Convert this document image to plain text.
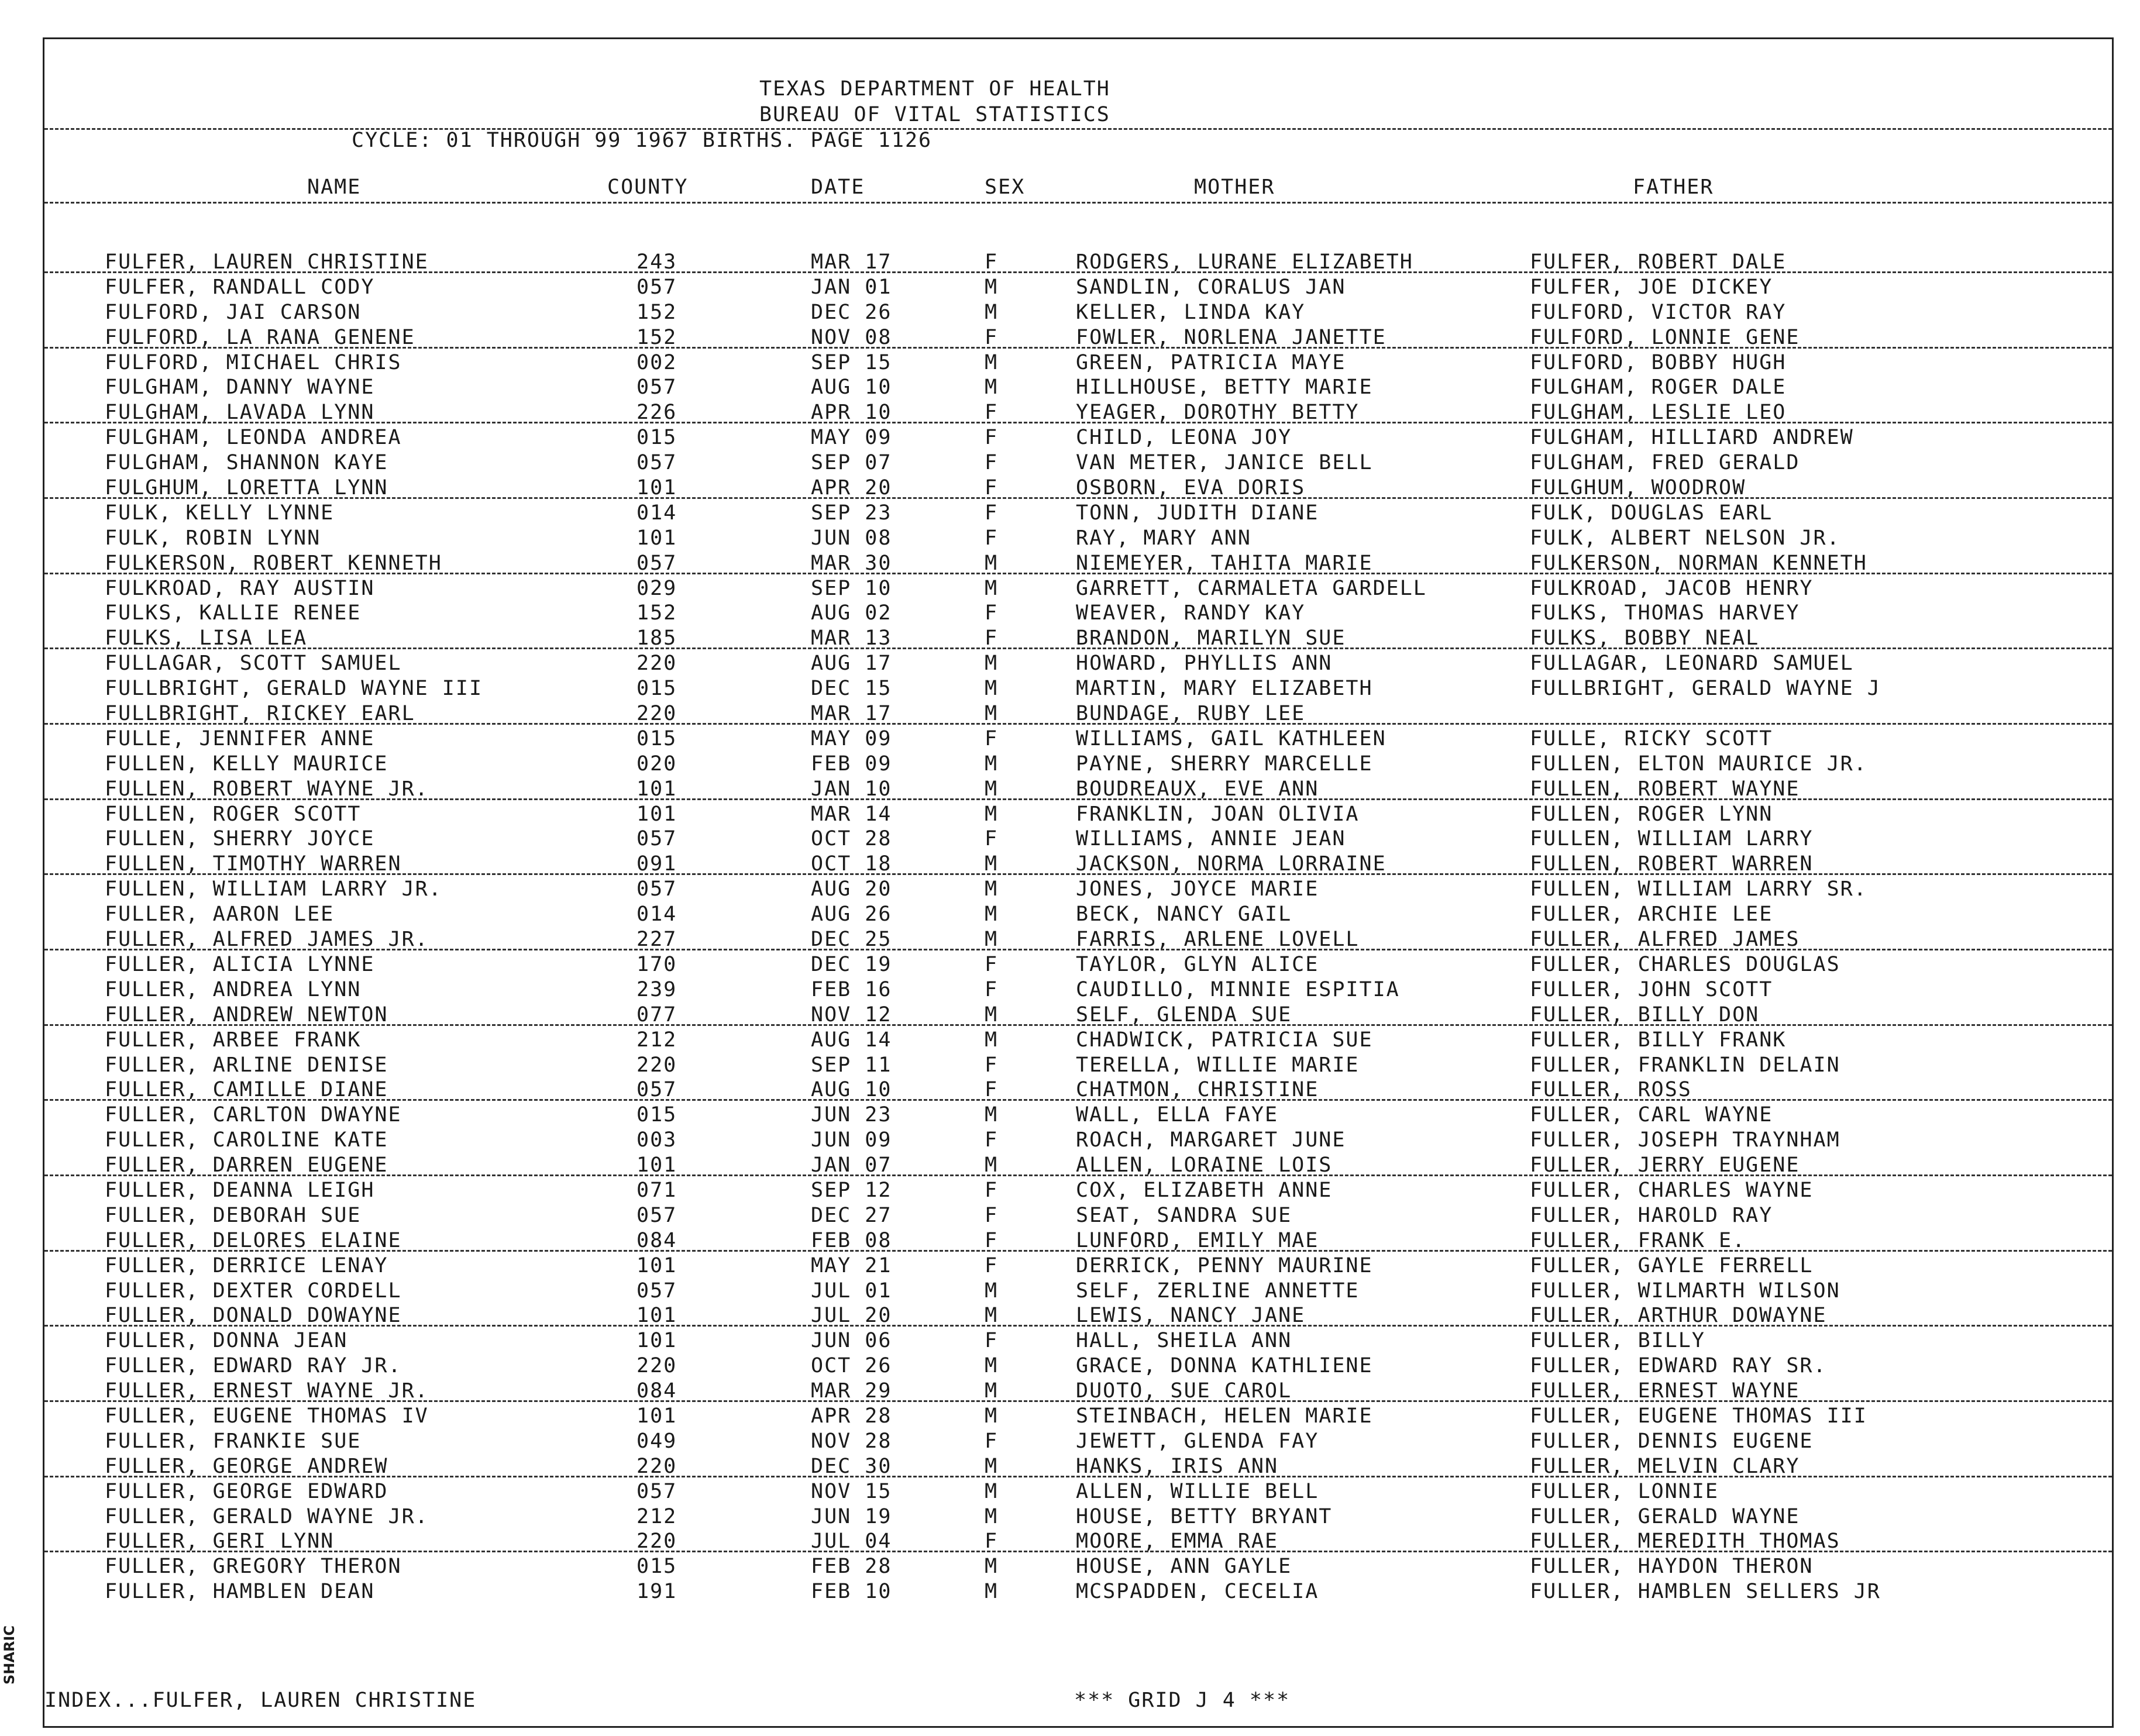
TEXAS DEPARTMENT OF HEALTH
BUREAU OF VITAL STATISTICS
CYCLE: 01 THROUGH 99 1967 BIRTHS. PAGE 1126
NAME	COUNTY	DATE	SEX	MOTHER	FATHER
FULFER, LAUREN CHRISTINE	243	MAR 17	F	RODGERS, LURANE ELIZABETH	FULFER, ROBERT DALE
FULFER, RANDALL CODY	057	JAN 01	M	SANDLIN, CORALUS JAN	FULFER, JOE DICKEY
FULFORD, JAI CARSON	152	DEC 26	M	KELLER, LINDA KAY	FULFORD, VICTOR RAY
FULFORD, LA RANA GENENE	152	NOV 08	F	FOWLER, NORLENA JANETTE	FULFORD, LONNIE GENE
FULFORD, MICHAEL CHRIS	002	SEP 15	M	GREEN, PATRICIA MAYE	FULFORD, BOBBY HUGH
FULGHAM, DANNY WAYNE	057	AUG 10	M	HILLHOUSE, BETTY MARIE	FULGHAM, ROGER DALE
FULGHAM, LAVADA LYNN	226	APR 10	F	YEAGER, DOROTHY BETTY	FULGHAM, LESLIE LEO
FULGHAM, LEONDA ANDREA	015	MAY 09	F	CHILD, LEONA JOY	FULGHAM, HILLIARD ANDREW
FULGHAM, SHANNON KAYE	057	SEP 07	F	VAN METER, JANICE BELL	FULGHAM, FRED GERALD
FULGHUM, LORETTA LYNN	101	APR 20	F	OSBORN, EVA DORIS	FULGHUM, WOODROW
FULK, KELLY LYNNE	014	SEP 23	F	TONN, JUDITH DIANE	FULK, DOUGLAS EARL
FULK, ROBIN LYNN	101	JUN 08	F	RAY, MARY ANN	FULK, ALBERT NELSON JR.
FULKERSON, ROBERT KENNETH	057	MAR 30	M	NIEMEYER, TAHITA MARIE	FULKERSON, NORMAN KENNETH
FULKROAD, RAY AUSTIN	029	SEP 10	M	GARRETT, CARMALETA GARDELL	FULKROAD, JACOB HENRY
FULKS, KALLIE RENEE	152	AUG 02	F	WEAVER, RANDY KAY	FULKS, THOMAS HARVEY
FULKS, LISA LEA	185	MAR 13	F	BRANDON, MARILYN SUE	FULKS, BOBBY NEAL
FULLAGAR, SCOTT SAMUEL	220	AUG 17	M	HOWARD, PHYLLIS ANN	FULLAGAR, LEONARD SAMUEL
FULLBRIGHT, GERALD WAYNE III	015	DEC 15	M	MARTIN, MARY ELIZABETH	FULLBRIGHT, GERALD WAYNE J
FULLBRIGHT, RICKEY EARL	220	MAR 17	M	BUNDAGE, RUBY LEE
FULLE, JENNIFER ANNE	015	MAY 09	F	WILLIAMS, GAIL KATHLEEN	FULLE, RICKY SCOTT
FULLEN, KELLY MAURICE	020	FEB 09	M	PAYNE, SHERRY MARCELLE	FULLEN, ELTON MAURICE JR.
FULLEN, ROBERT WAYNE JR.	101	JAN 10	M	BOUDREAUX, EVE ANN	FULLEN, ROBERT WAYNE
FULLEN, ROGER SCOTT	101	MAR 14	M	FRANKLIN, JOAN OLIVIA	FULLEN, ROGER LYNN
FULLEN, SHERRY JOYCE	057	OCT 28	F	WILLIAMS, ANNIE JEAN	FULLEN, WILLIAM LARRY
FULLEN, TIMOTHY WARREN	091	OCT 18	M	JACKSON, NORMA LORRAINE	FULLEN, ROBERT WARREN
FULLEN, WILLIAM LARRY JR.	057	AUG 20	M	JONES, JOYCE MARIE	FULLEN, WILLIAM LARRY SR.
FULLER, AARON LEE	014	AUG 26	M	BECK, NANCY GAIL	FULLER, ARCHIE LEE
FULLER, ALFRED JAMES JR.	227	DEC 25	M	FARRIS, ARLENE LOVELL	FULLER, ALFRED JAMES
FULLER, ALICIA LYNNE	170	DEC 19	F	TAYLOR, GLYN ALICE	FULLER, CHARLES DOUGLAS
FULLER, ANDREA LYNN	239	FEB 16	F	CAUDILLO, MINNIE ESPITIA	FULLER, JOHN SCOTT
FULLER, ANDREW NEWTON	077	NOV 12	M	SELF, GLENDA SUE	FULLER, BILLY DON
FULLER, ARBEE FRANK	212	AUG 14	M	CHADWICK, PATRICIA SUE	FULLER, BILLY FRANK
FULLER, ARLINE DENISE	220	SEP 11	F	TERELLA, WILLIE MARIE	FULLER, FRANKLIN DELAIN
FULLER, CAMILLE DIANE	057	AUG 10	F	CHATMON, CHRISTINE	FULLER, ROSS
FULLER, CARLTON DWAYNE	015	JUN 23	M	WALL, ELLA FAYE	FULLER, CARL WAYNE
FULLER, CAROLINE KATE	003	JUN 09	F	ROACH, MARGARET JUNE	FULLER, JOSEPH TRAYNHAM
FULLER, DARREN EUGENE	101	JAN 07	M	ALLEN, LORAINE LOIS	FULLER, JERRY EUGENE
FULLER, DEANNA LEIGH	071	SEP 12	F	COX, ELIZABETH ANNE	FULLER, CHARLES WAYNE
FULLER, DEBORAH SUE	057	DEC 27	F	SEAT, SANDRA SUE	FULLER, HAROLD RAY
FULLER, DELORES ELAINE	084	FEB 08	F	LUNFORD, EMILY MAE	FULLER, FRANK E.
FULLER, DERRICE LENAY	101	MAY 21	F	DERRICK, PENNY MAURINE	FULLER, GAYLE FERRELL
FULLER, DEXTER CORDELL	057	JUL 01	M	SELF, ZERLINE ANNETTE	FULLER, WILMARTH WILSON
FULLER, DONALD DOWAYNE	101	JUL 20	M	LEWIS, NANCY JANE	FULLER, ARTHUR DOWAYNE
FULLER, DONNA JEAN	101	JUN 06	F	HALL, SHEILA ANN	FULLER, BILLY
FULLER, EDWARD RAY JR.	220	OCT 26	M	GRACE, DONNA KATHLIENE	FULLER, EDWARD RAY SR.
FULLER, ERNEST WAYNE JR.	084	MAR 29	M	DUOTO, SUE CAROL	FULLER, ERNEST WAYNE
FULLER, EUGENE THOMAS IV	101	APR 28	M	STEINBACH, HELEN MARIE	FULLER, EUGENE THOMAS III
FULLER, FRANKIE SUE	049	NOV 28	F	JEWETT, GLENDA FAY	FULLER, DENNIS EUGENE
FULLER, GEORGE ANDREW	220	DEC 30	M	HANKS, IRIS ANN	FULLER, MELVIN CLARY
FULLER, GEORGE EDWARD	057	NOV 15	M	ALLEN, WILLIE BELL	FULLER, LONNIE
FULLER, GERALD WAYNE JR.	212	JUN 19	M	HOUSE, BETTY BRYANT	FULLER, GERALD WAYNE
FULLER, GERI LYNN	220	JUL 04	F	MOORE, EMMA RAE	FULLER, MEREDITH THOMAS
FULLER, GREGORY THERON	015	FEB 28	M	HOUSE, ANN GAYLE	FULLER, HAYDON THERON
FULLER, HAMBLEN DEAN	191	FEB 10	M	MCSPADDEN, CECELIA	FULLER, HAMBLEN SELLERS JR
INDEX...FULFER, LAUREN CHRISTINE	*** GRID J 4 ***
SHARIC
